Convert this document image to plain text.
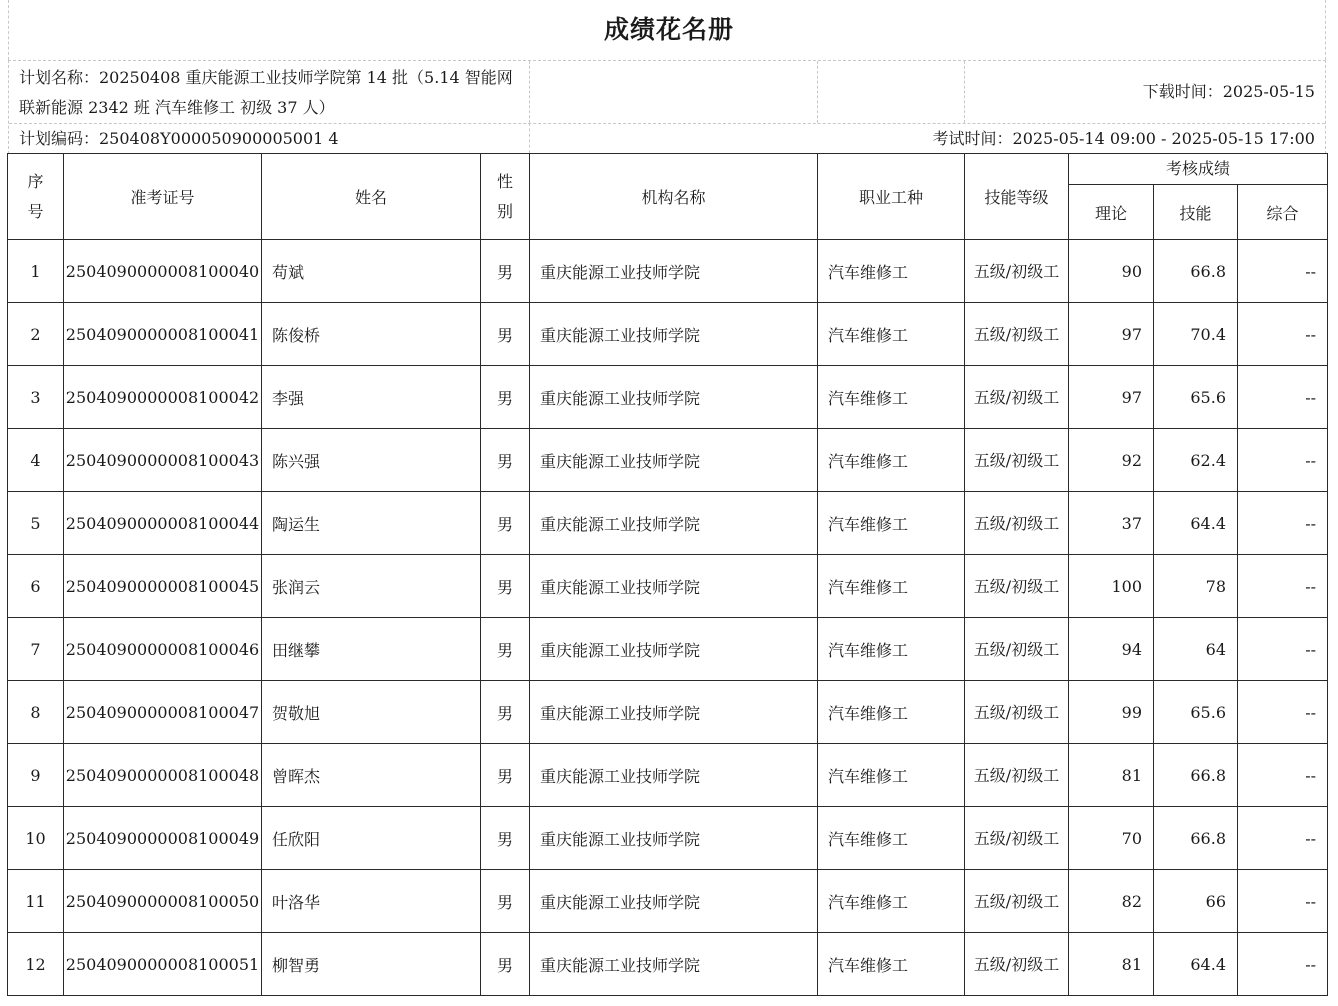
成绩花名册
计划名称：20250408 重庆能源工业技师学院第 14 批（5.14 智能网联新能源 2342 班 汽车维修工 初级 37 人）
下载时间：2025-05-15
计划编码：250408Y000050900005001 4	考试时间：2025-05-14 09:00 - 2025-05-15 17:00
序号	准考证号	姓名	性别	机构名称	职业工种	技能等级	考核成绩		
							理论	技能	综合
1	2504090000008100040	苟斌	男	重庆能源工业技师学院	汽车维修工	五级/初级工	90	66.8	--
2	2504090000008100041	陈俊桥	男	重庆能源工业技师学院	汽车维修工	五级/初级工	97	70.4	--
3	2504090000008100042	李强	男	重庆能源工业技师学院	汽车维修工	五级/初级工	97	65.6	--
4	2504090000008100043	陈兴强	男	重庆能源工业技师学院	汽车维修工	五级/初级工	92	62.4	--
5	2504090000008100044	陶运生	男	重庆能源工业技师学院	汽车维修工	五级/初级工	37	64.4	--
6	2504090000008100045	张润云	男	重庆能源工业技师学院	汽车维修工	五级/初级工	100	78	--
7	2504090000008100046	田继攀	男	重庆能源工业技师学院	汽车维修工	五级/初级工	94	64	--
8	2504090000008100047	贺敬旭	男	重庆能源工业技师学院	汽车维修工	五级/初级工	99	65.6	--
9	2504090000008100048	曾晖杰	男	重庆能源工业技师学院	汽车维修工	五级/初级工	81	66.8	--
10	2504090000008100049	任欣阳	男	重庆能源工业技师学院	汽车维修工	五级/初级工	70	66.8	--
11	2504090000008100050	叶洛华	男	重庆能源工业技师学院	汽车维修工	五级/初级工	82	66	--
12	2504090000008100051	柳智勇	男	重庆能源工业技师学院	汽车维修工	五级/初级工	81	64.4	--
